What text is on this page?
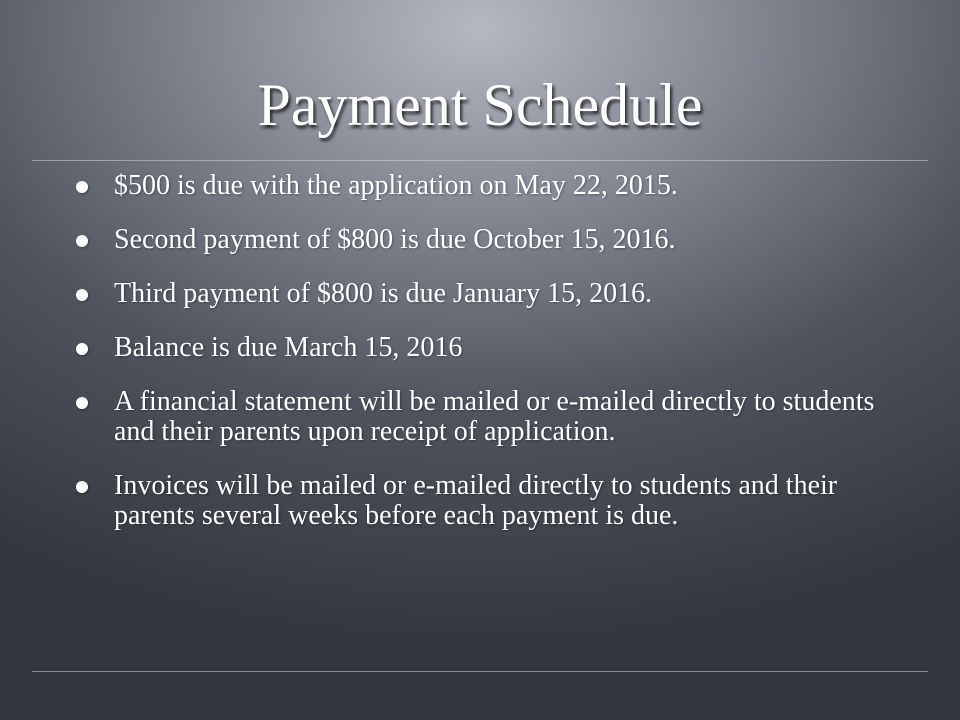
Payment Schedule
$500 is due with the application on May 22, 2015.
Second payment of $800 is due October 15, 2016.
Third payment of $800 is due January 15, 2016.
Balance is due March 15, 2016
A financial statement will be mailed or e-mailed directly to students and their parents upon receipt of application.
Invoices will be mailed or e-mailed directly to students and their parents several weeks before each payment is due.
